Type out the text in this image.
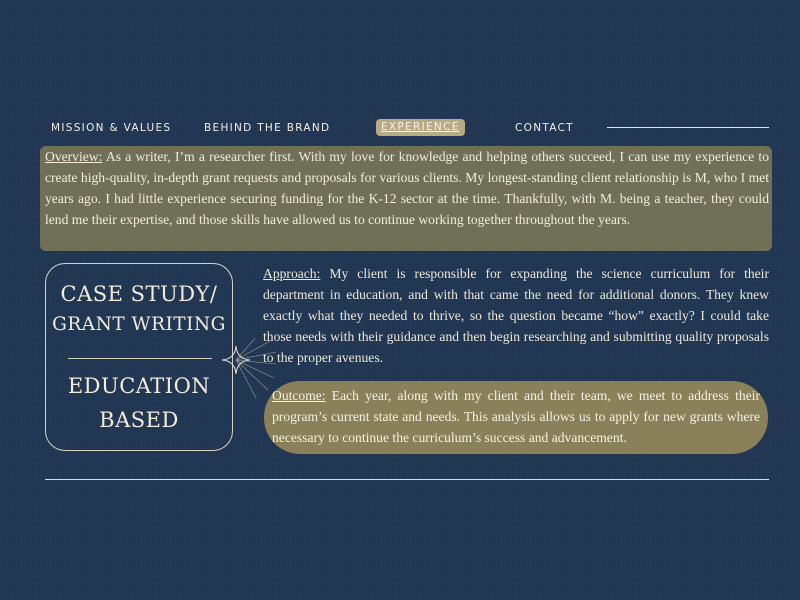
MISSION & VALUES	BEHIND THE BRAND	EXPERIENCE	CONTACT
Overview: As a writer, I’m a researcher first. With my love for knowledge and helping others succeed, I can use my experience to create high-quality, in-depth grant requests and proposals for various clients. My longest-standing client relationship is M, who I met years ago. I had little experience securing funding for the K-12 sector at the time. Thankfully, with M. being a teacher, they could lend me their expertise, and those skills have allowed us to continue working together throughout the years.
CASE STUDY/
GRANT WRITING
EDUCATION
BASED
Approach: My client is responsible for expanding the science curriculum for their department in education, and with that came the need for additional donors. They knew exactly what they needed to thrive, so the question became “how” exactly? I could take those needs with their guidance and then begin researching and submitting quality proposals to the proper avenues.
Outcome: Each year, along with my client and their team, we meet to address their program’s current state and needs. This analysis allows us to apply for new grants where necessary to continue the curriculum’s success and advancement.
